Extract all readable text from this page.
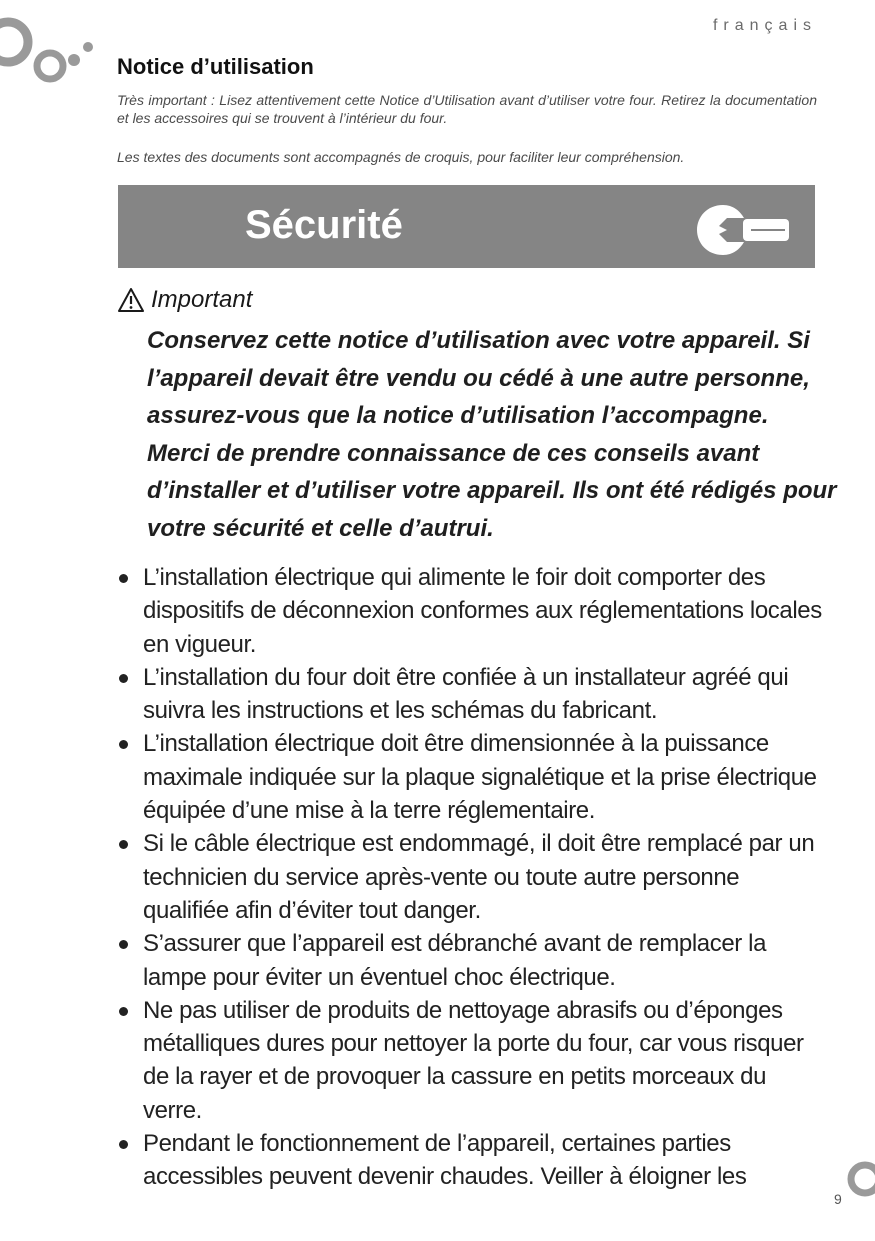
français
Notice d’utilisation

Très important : Lisez attentivement cette Notice d’Utilisation avant d’utiliser votre four. Retirez la documentation et les accessoires qui se trouvent à l’intérieur du four.

Les textes des documents sont accompagnés de croquis, pour faciliter leur compréhension.

Sécurité
Important

Conservez cette notice d’utilisation avec votre appareil. Si l’appareil devait être vendu ou cédé à une autre personne, assurez-vous que la notice d’utilisation l’accompagne. Merci de prendre connaissance de ces conseils avant d’installer et d’utiliser votre appareil. Ils ont été rédigés pour votre sécurité et celle d’autrui.

L’installation électrique qui alimente le foir doit comporter des dispositifs de déconnexion conformes aux réglementations locales en vigueur.
L’installation du four doit être confiée à un installateur agréé qui suivra les instructions et les schémas du fabricant.
L’installation électrique doit être dimensionnée à la puissance maximale indiquée sur la plaque signalétique et la prise électrique équipée d’une mise à la terre réglementaire.
Si le câble électrique est endommagé, il doit être remplacé par un technicien du service après-vente ou toute autre personne qualifiée afin d’éviter tout danger.
S’assurer que l’appareil est débranché avant de remplacer la lampe pour éviter un éventuel choc électrique.
Ne pas utiliser de produits de nettoyage abrasifs ou d’éponges métalliques dures pour nettoyer la porte du four, car vous risquer de la rayer et de provoquer la cassure en petits morceaux du verre.
Pendant le fonctionnement de l’appareil, certaines parties accessibles peuvent devenir chaudes. Veiller à éloigner les
9
